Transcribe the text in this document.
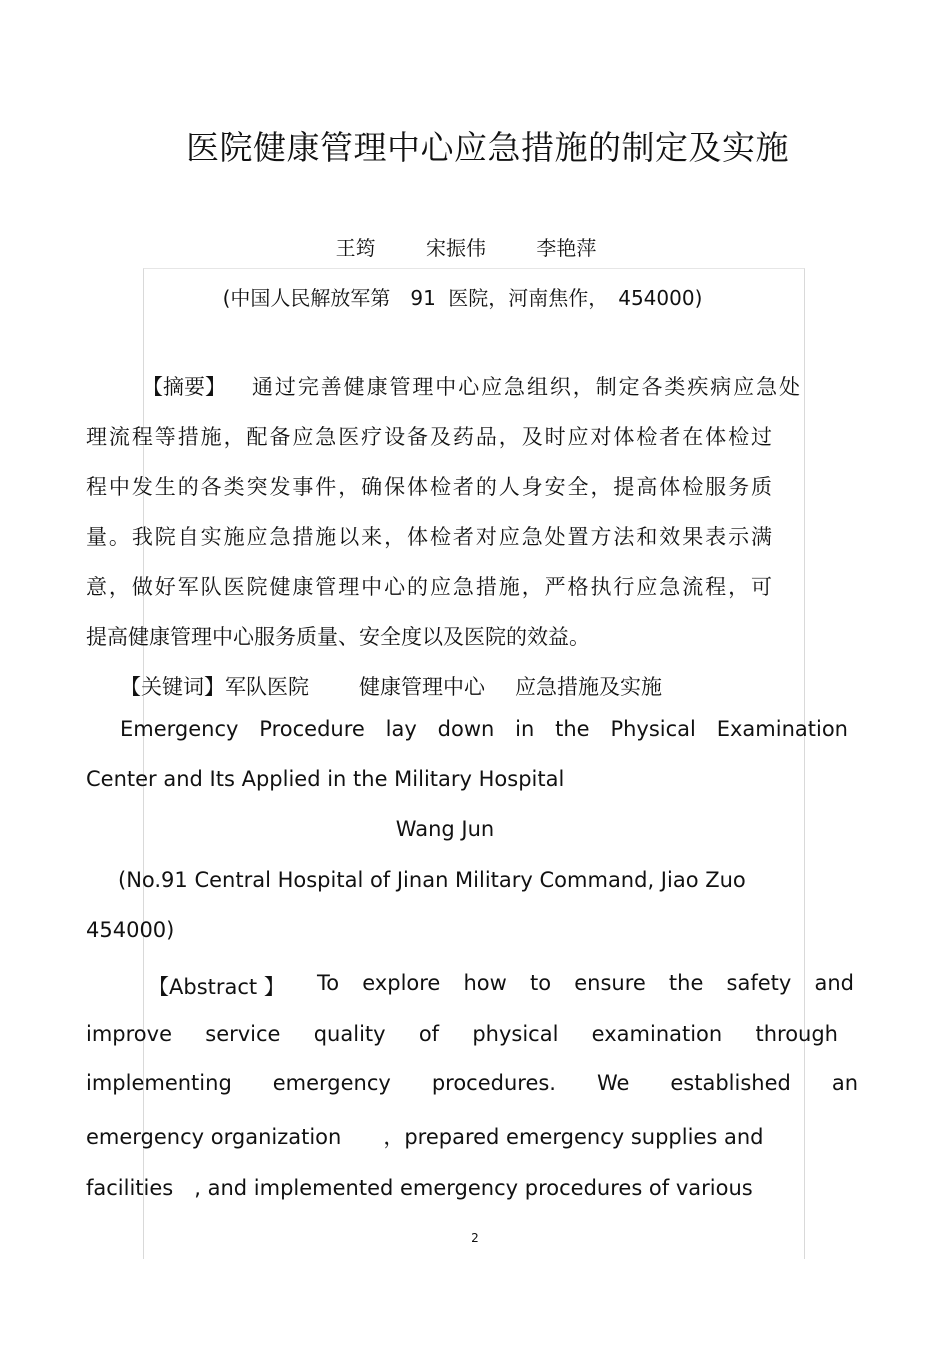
医院健康管理中心应急措施的制定及实施
王筠	宋振伟	李艳萍
(中国人民解放军第　91 医院，河南焦作，　454000)
【摘要】 通过完善健康管理中心应急组织，制定各类疾病应急处
理流程等措施，配备应急医疗设备及药品，及时应对体检者在体检过
程中发生的各类突发事件，确保体检者的人身安全，提高体检服务质
量。我院自实施应急措施以来，体检者对应急处置方法和效果表示满
意，做好军队医院健康管理中心的应急措施，严格执行应急流程，可
提高健康管理中心服务质量、安全度以及医院的效益。
【关键词】军队医院 健康管理中心 应急措施及实施
Emergency Procedure lay down in the Physical Examination
Center and Its Applied in the Military Hospital
Wang Jun
(No.91 Central Hospital of Jinan Military Command, Jiao Zuo
454000)
【Abstract 】 To explore how to ensure the safety and
improve service quality of physical examination through
implementing emergency procedures. We established an
emergency organization　　，prepared emergency supplies and
facilities　, and implemented emergency procedures of various
2
